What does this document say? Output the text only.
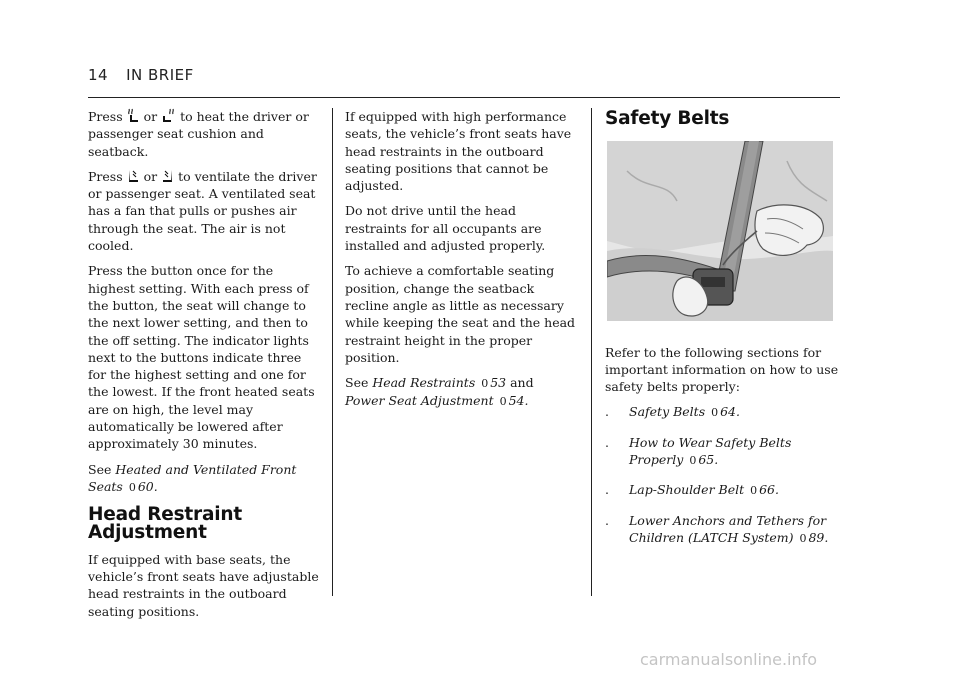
14 IN BRIEF

Press or to heat the driver or passenger seat cushion and seatback.

Press or to ventilate the driver or passenger seat. A ventilated seat has a fan that pulls or pushes air through the seat. The air is not cooled.

Press the button once for the highest setting. With each press of the button, the seat will change to the next lower setting, and then to the off setting. The indicator lights next to the buttons indicate three for the highest setting and one for the lowest. If the front heated seats are on high, the level may automatically be lowered after approximately 30 minutes.

See Heated and Ventilated Front Seats 0 60.

Head Restraint Adjustment

If equipped with base seats, the vehicle’s front seats have adjustable head restraints in the outboard seating positions.

If equipped with high performance seats, the vehicle’s front seats have head restraints in the outboard seating positions that cannot be adjusted.

Do not drive until the head restraints for all occupants are installed and adjusted properly.

To achieve a comfortable seating position, change the seatback recline angle as little as necessary while keeping the seat and the head restraint height in the proper position.

See Head Restraints 0 53 and Power Seat Adjustment 0 54.

Safety Belts

Refer to the following sections for important information on how to use safety belts properly:

. Safety Belts 0 64.
. How to Wear Safety Belts Properly 0 65.
. Lap-Shoulder Belt 0 66.
. Lower Anchors and Tethers for Children (LATCH System) 0 89.
carmanualsonline.info
